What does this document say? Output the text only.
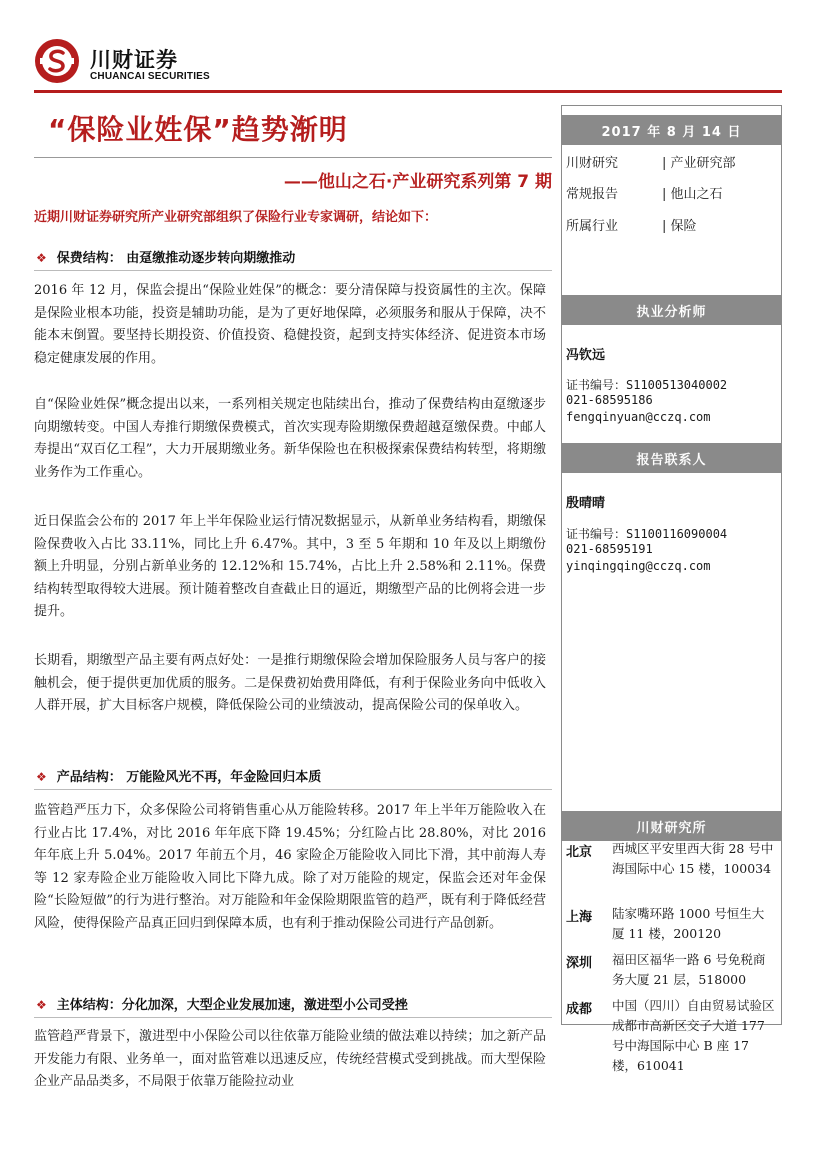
川财证券
CHUANCAI SECURITIES
“保险业姓保”趋势渐明
——他山之石·产业研究系列第 7 期
近期川财证券研究所产业研究部组织了保险行业专家调研，结论如下：
❖ 保费结构： 由趸缴推动逐步转向期缴推动

2016 年 12 月，保监会提出“保险业姓保”的概念：要分清保障与投资属性的主次。保障是保险业根本功能，投资是辅助功能，是为了更好地保障，必须服务和服从于保障，决不能本末倒置。要坚持长期投资、价值投资、稳健投资，起到支持实体经济、促进资本市场稳定健康发展的作用。

自“保险业姓保”概念提出以来，一系列相关规定也陆续出台，推动了保费结构由趸缴逐步向期缴转变。中国人寿推行期缴保费模式，首次实现寿险期缴保费超越趸缴保费。中邮人寿提出“双百亿工程”，大力开展期缴业务。新华保险也在积极探索保费结构转型，将期缴业务作为工作重心。

近日保监会公布的 2017 年上半年保险业运行情况数据显示，从新单业务结构看，期缴保险保费收入占比 33.11%，同比上升 6.47%。其中，3 至 5 年期和 10 年及以上期缴份额上升明显，分别占新单业务的 12.12%和 15.74%，占比上升 2.58%和 2.11%。保费结构转型取得较大进展。预计随着整改自查截止日的逼近，期缴型产品的比例将会进一步提升。

长期看，期缴型产品主要有两点好处：一是推行期缴保险会增加保险服务人员与客户的接触机会，便于提供更加优质的服务。二是保费初始费用降低，有利于保险业务向中低收入人群开展，扩大目标客户规模，降低保险公司的业绩波动，提高保险公司的保单收入。

❖ 产品结构： 万能险风光不再，年金险回归本质

监管趋严压力下，众多保险公司将销售重心从万能险转移。2017 年上半年万能险收入在行业占比 17.4%，对比 2016 年年底下降 19.45%；分红险占比 28.80%，对比 2016 年年底上升 5.04%。2017 年前五个月，46 家险企万能险收入同比下滑，其中前海人寿等 12 家寿险企业万能险收入同比下降九成。除了对万能险的规定，保监会还对年金保险“长险短做”的行为进行整治。对万能险和年金保险期限监管的趋严，既有利于降低经营风险，使得保险产品真正回归到保障本质，也有利于推动保险公司进行产品创新。

❖ 主体结构：分化加深，大型企业发展加速，激进型小公司受挫

监管趋严背景下，激进型中小保险公司以往依靠万能险业绩的做法难以持续；加之新产品开发能力有限、业务单一，面对监管难以迅速反应，传统经营模式受到挑战。而大型保险企业产品品类多，不局限于依靠万能险拉动业

2017 年 8 月 14 日
川财研究	| 产业研究部
常规报告	| 他山之石
所属行业	| 保险
执业分析师
冯钦远
证书编号：S1100513040002
021-68595186
fengqinyuan@cczq.com
报告联系人
殷晴晴
证书编号：S1100116090004
021-68595191
yinqingqing@cczq.com
川财研究所
北京 西城区平安里西大街 28 号中海国际中心 15 楼，100034
上海 陆家嘴环路 1000 号恒生大厦 11 楼，200120
深圳 福田区福华一路 6 号免税商务大厦 21 层，518000
成都 中国（四川）自由贸易试验区成都市高新区交子大道 177 号中海国际中心 B 座 17 楼，610041
